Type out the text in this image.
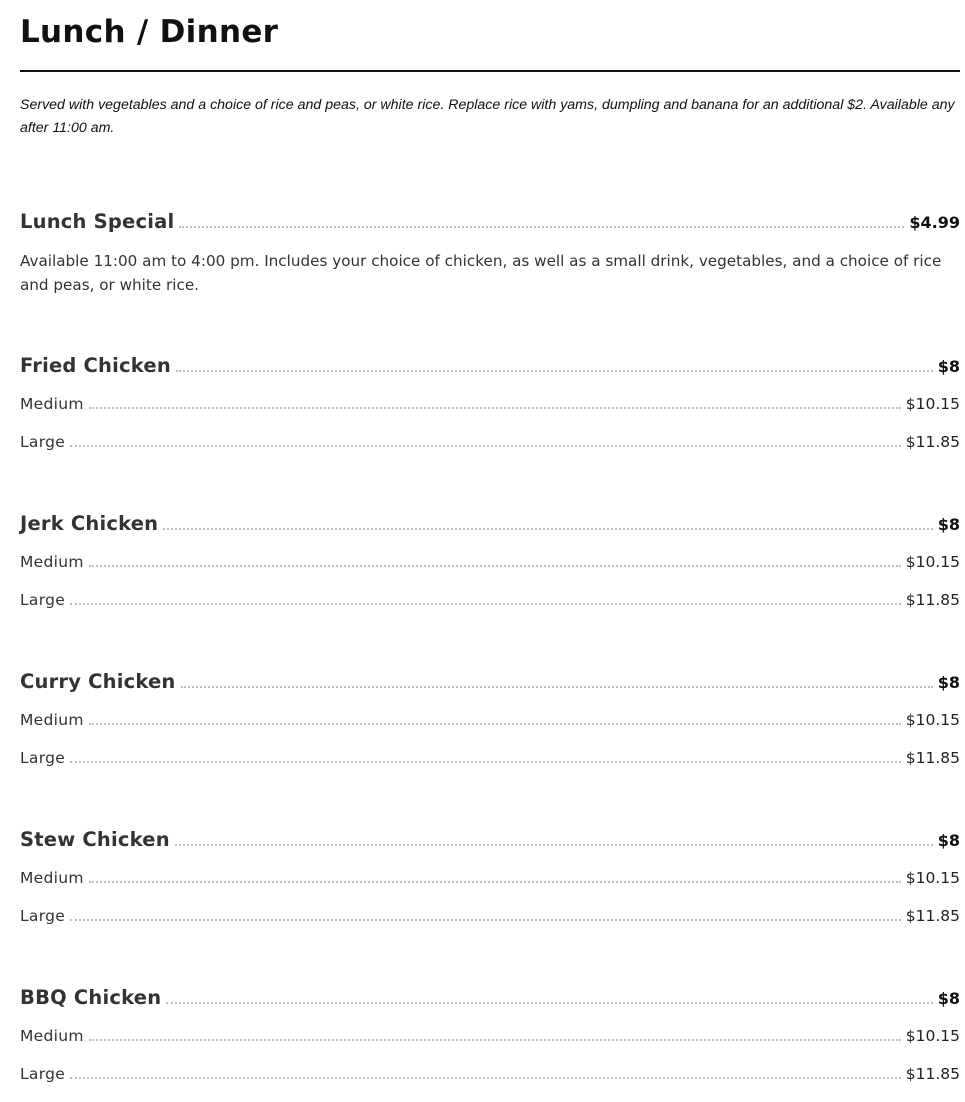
Lunch / Dinner

Served with vegetables and a choice of rice and peas, or white rice. Replace rice with yams, dumpling and banana for an additional $2. Available any after 11:00 am.

Lunch Special	$4.99

Available 11:00 am to 4:00 pm. Includes your choice of chicken, as well as a small drink, vegetables, and a choice of rice and peas, or white rice.

Fried Chicken	$8
Medium	$10.15
Large	$11.85
Jerk Chicken	$8
Medium	$10.15
Large	$11.85
Curry Chicken	$8
Medium	$10.15
Large	$11.85
Stew Chicken	$8
Medium	$10.15
Large	$11.85
BBQ Chicken	$8
Medium	$10.15
Large	$11.85
